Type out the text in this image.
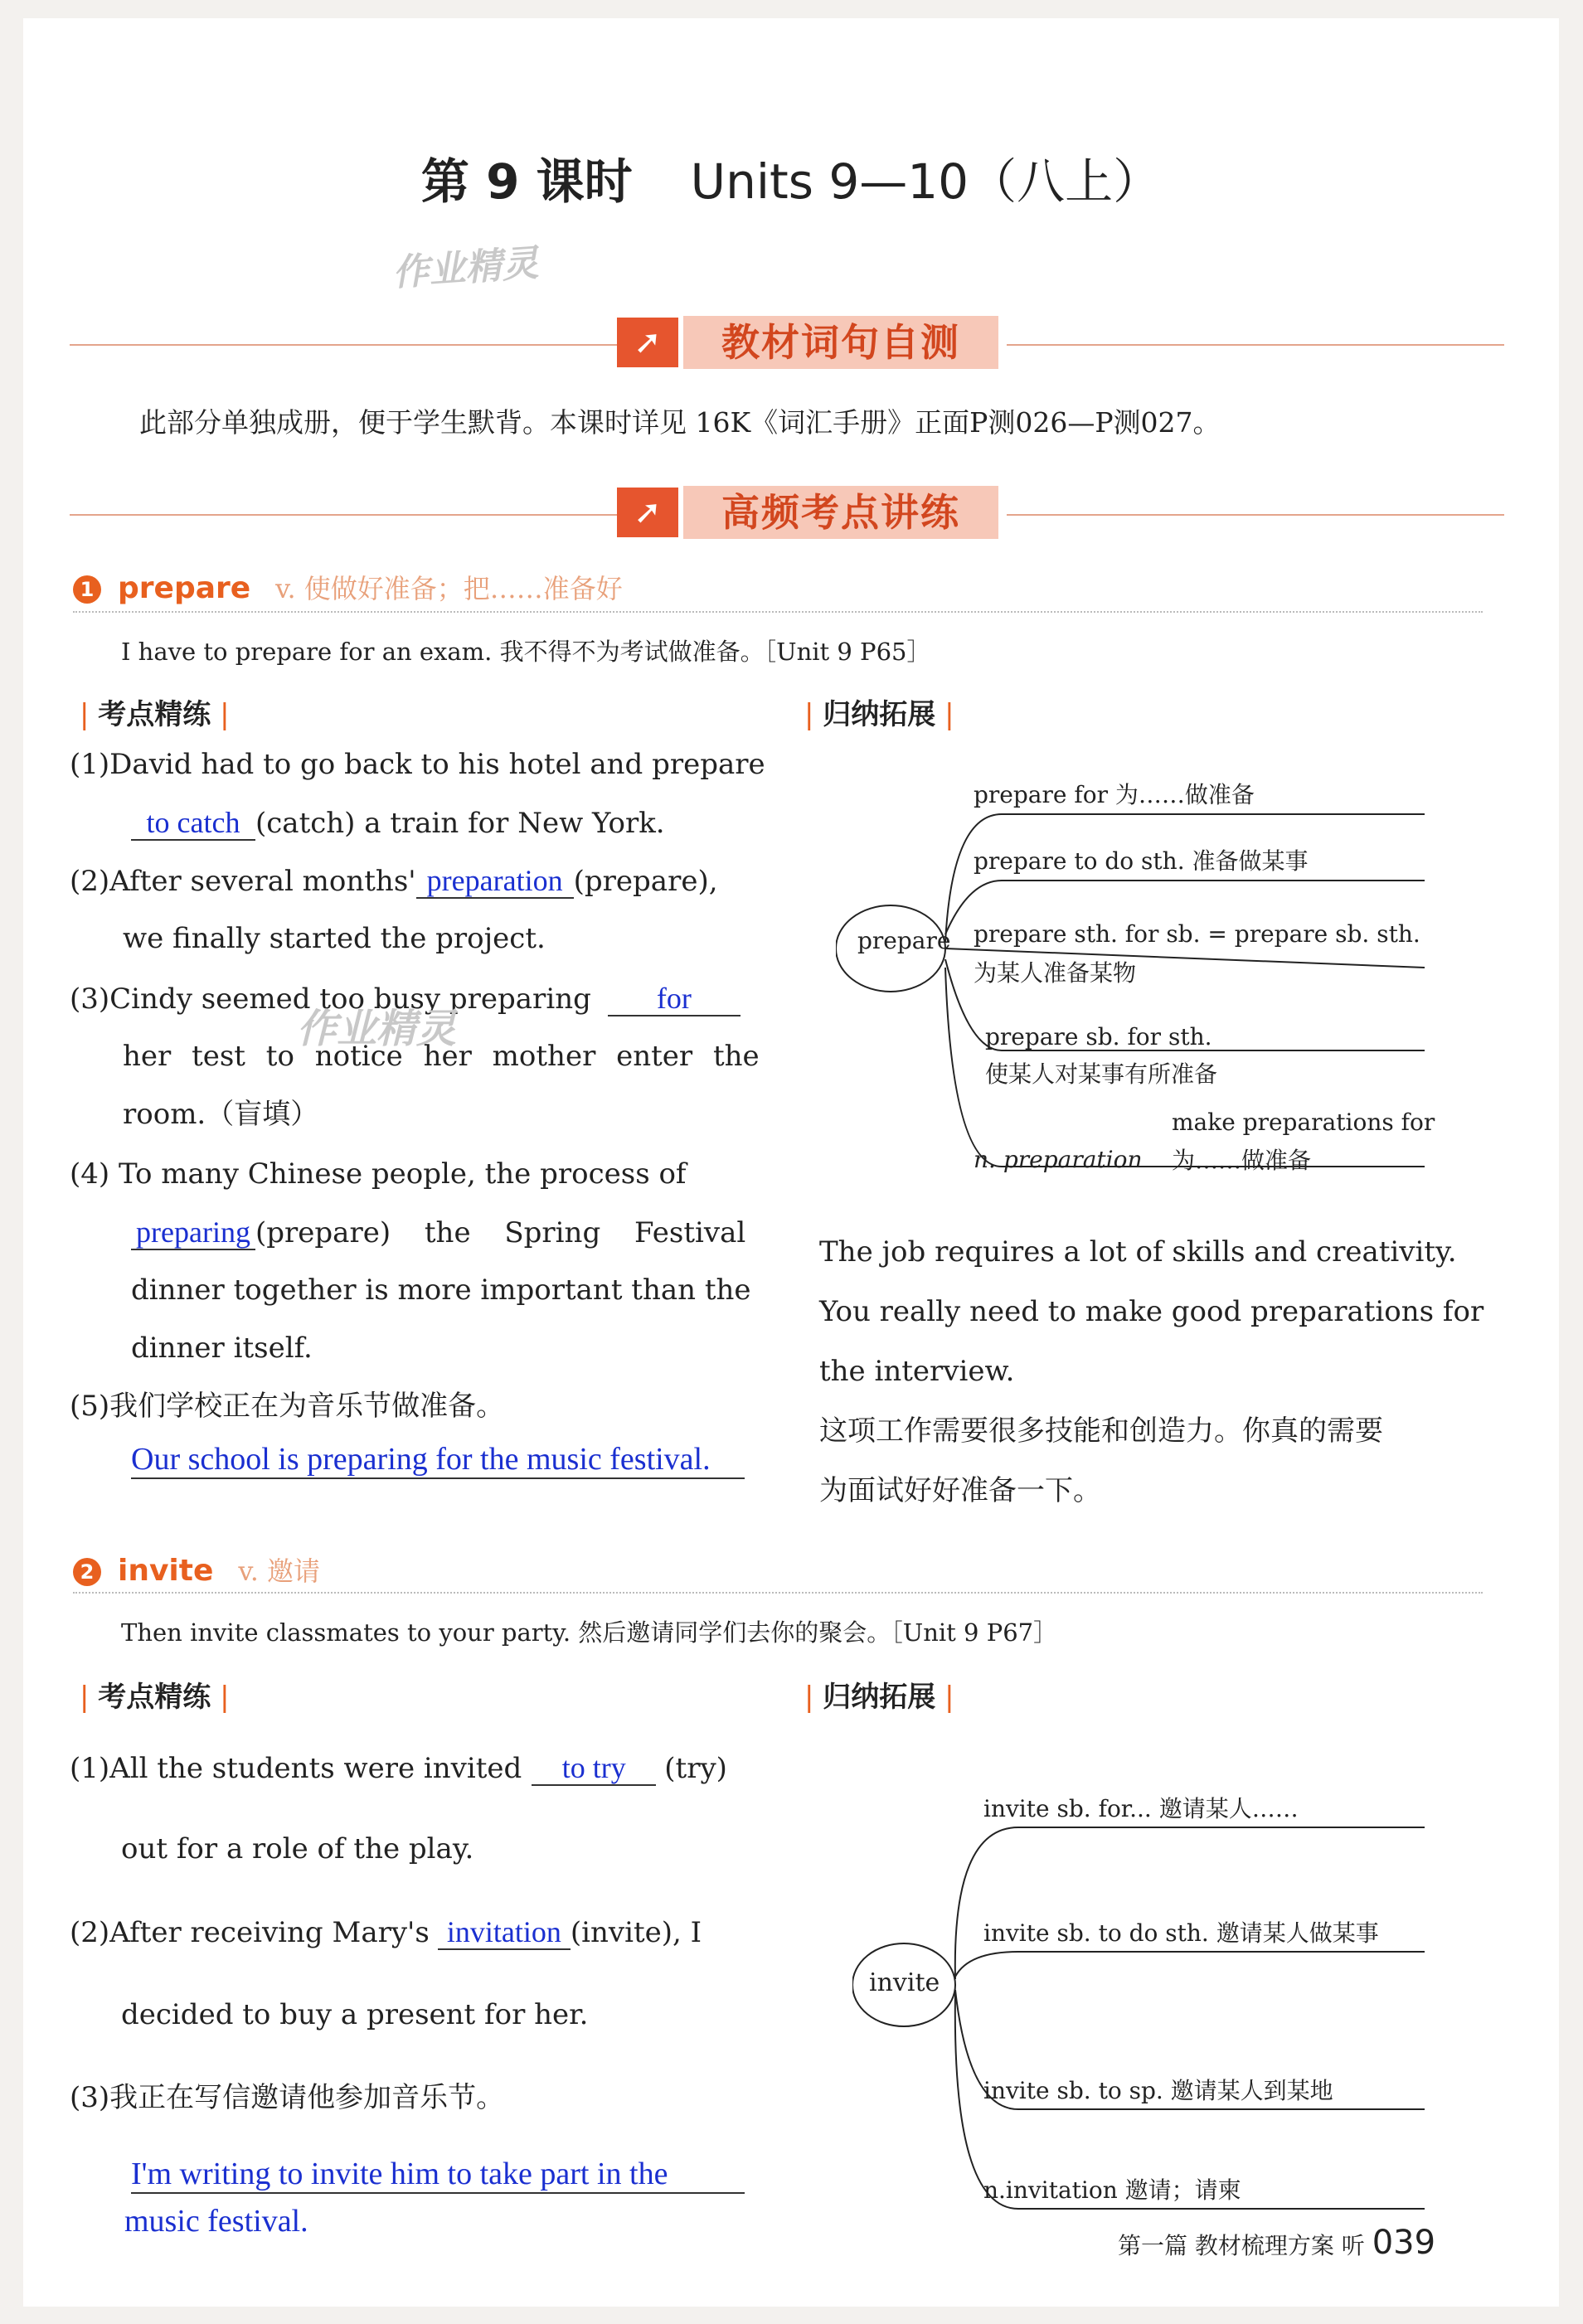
第 9 课时 Units 9—10（八上）
作业精灵
➚	教材词句自测
此部分单独成册，便于学生默背。本课时详见 16K《词汇手册》正面P测026—P测027。
➚	高频考点讲练
1 prepare v. 使做好准备；把……准备好
I have to prepare for an exam. 我不得不为考试做准备。［Unit 9 P65］
| 考点精练 |	| 归纳拓展 |
(1)David had to go back to his hotel and prepare
to catch (catch) a train for New York.
(2)After several months' preparation (prepare),
we finally started the project.
(3)Cindy seemed too busy preparing for
her test to notice her mother enter the
作业精灵
room.（盲填）
(4) To many Chinese people, the process of
preparing (prepare) the Spring Festival
dinner together is more important than the
dinner itself.
(5)我们学校正在为音乐节做准备。
Our school is preparing for the music festival.
prepare
prepare for 为……做准备
prepare to do sth. 准备做某事
prepare sth. for sb. = prepare sb. sth.
为某人准备某物
prepare sb. for sth.
使某人对某事有所准备
make preparations for
n. preparation 为……做准备
The job requires a lot of skills and creativity.
You really need to make good preparations for
the interview.
这项工作需要很多技能和创造力。你真的需要
为面试好好准备一下。
2 invite v. 邀请
Then invite classmates to your party. 然后邀请同学们去你的聚会。［Unit 9 P67］
| 考点精练 |	| 归纳拓展 |
(1)All the students were invited to try (try)
out for a role of the play.
(2)After receiving Mary's invitation (invite), I
decided to buy a present for her.
(3)我正在写信邀请他参加音乐节。
I'm writing to invite him to take part in the
music festival.
invite
invite sb. for... 邀请某人……
invite sb. to do sth. 邀请某人做某事
invite sb. to sp. 邀请某人到某地
n.invitation 邀请；请柬
第一篇 教材梳理方案 听 039
